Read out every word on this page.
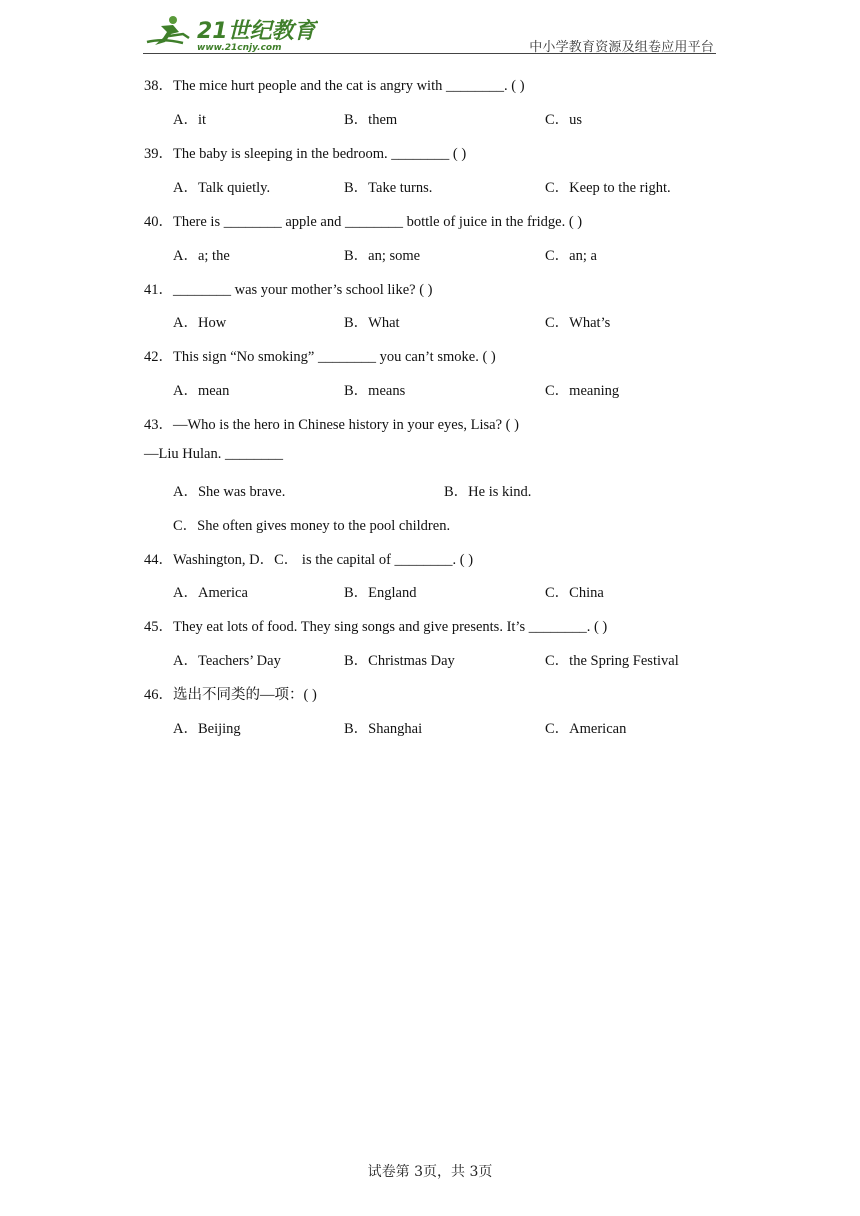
21世纪教育
www.21cnjy.com	中小学教育资源及组卷应用平台
38．The mice hurt people and the cat is angry with ________. ( )
A．it	B．them	C．us
39．The baby is sleeping in the bedroom. ________ ( )
A．Talk quietly.	B．Take turns.	C．Keep to the right.
40．There is ________ apple and ________ bottle of juice in the fridge. ( )
A．a; the	B．an; some	C．an; a
41．________ was your mother’s school like? ( )
A．How	B．What	C．What’s
42．This sign “No smoking” ________ you can’t smoke. ( )
A．mean	B．means	C．meaning
43．—Who is the hero in Chinese history in your eyes, Lisa? ( )
—Liu Hulan. ________
A．She was brave.	B．He is kind.
C．She often gives money to the pool children.
44．Washington, D．C． is the capital of ________. ( )
A．America	B．England	C．China
45．They eat lots of food. They sing songs and give presents. It’s ________. ( )
A．Teachers’ Day	B．Christmas Day	C．the Spring Festival
46．选出不同类的—项：( )
A．Beijing	B．Shanghai	C．American
试卷第 3页，共 3页
